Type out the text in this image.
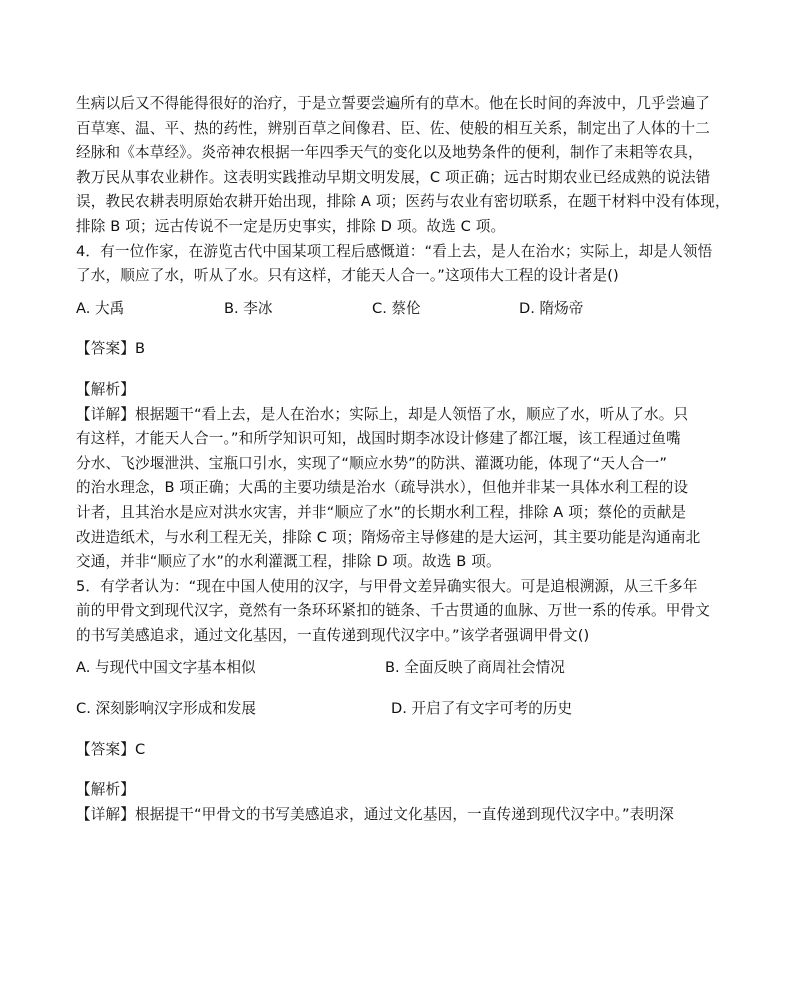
生病以后又不得能得很好的治疗，于是立誓要尝遍所有的草木。他在长时间的奔波中，几乎尝遍了
百草寒、温、平、热的药性，辨别百草之间像君、臣、佐、使般的相互关系，制定出了人体的十二
经脉和《本草经》。炎帝神农根据一年四季天气的变化以及地势条件的便利，制作了耒耜等农具，
教万民从事农业耕作。这表明实践推动早期文明发展，C 项正确；远古时期农业已经成熟的说法错
误，教民农耕表明原始农耕开始出现，排除 A 项；医药与农业有密切联系，在题干材料中没有体现，
排除 B 项；远古传说不一定是历史事实，排除 D 项。故选 C 项。
4．有一位作家，在游览古代中国某项工程后感慨道：“看上去，是人在治水；实际上，却是人领悟
了水，顺应了水，听从了水。只有这样，才能天人合一。”这项伟大工程的设计者是()
A. 大禹	B. 李冰	C. 蔡伦	D. 隋炀帝
【答案】B
【解析】
【详解】根据题干“看上去，是人在治水；实际上，却是人领悟了水，顺应了水，听从了水。只
有这样，才能天人合一。”和所学知识可知，战国时期李冰设计修建了都江堰，该工程通过鱼嘴
分水、飞沙堰泄洪、宝瓶口引水，实现了“顺应水势”的防洪、灌溉功能，体现了“天人合一”
的治水理念，B 项正确；大禹的主要功绩是治水（疏导洪水），但他并非某一具体水利工程的设
计者，且其治水是应对洪水灾害，并非“顺应了水”的长期水利工程，排除 A 项；蔡伦的贡献是
改进造纸术，与水利工程无关，排除 C 项；隋炀帝主导修建的是大运河，其主要功能是沟通南北
交通，并非“顺应了水”的水利灌溉工程，排除 D 项。故选 B 项。
5．有学者认为：“现在中国人使用的汉字，与甲骨文差异确实很大。可是追根溯源，从三千多年
前的甲骨文到现代汉字，竟然有一条环环紧扣的链条、千古贯通的血脉、万世一系的传承。甲骨文
的书写美感追求，通过文化基因，一直传递到现代汉字中。”该学者强调甲骨文()
A. 与现代中国文字基本相似	B. 全面反映了商周社会情况
C. 深刻影响汉字形成和发展	D. 开启了有文字可考的历史
【答案】C
【解析】
【详解】根据提干“甲骨文的书写美感追求，通过文化基因，一直传递到现代汉字中。”表明深
